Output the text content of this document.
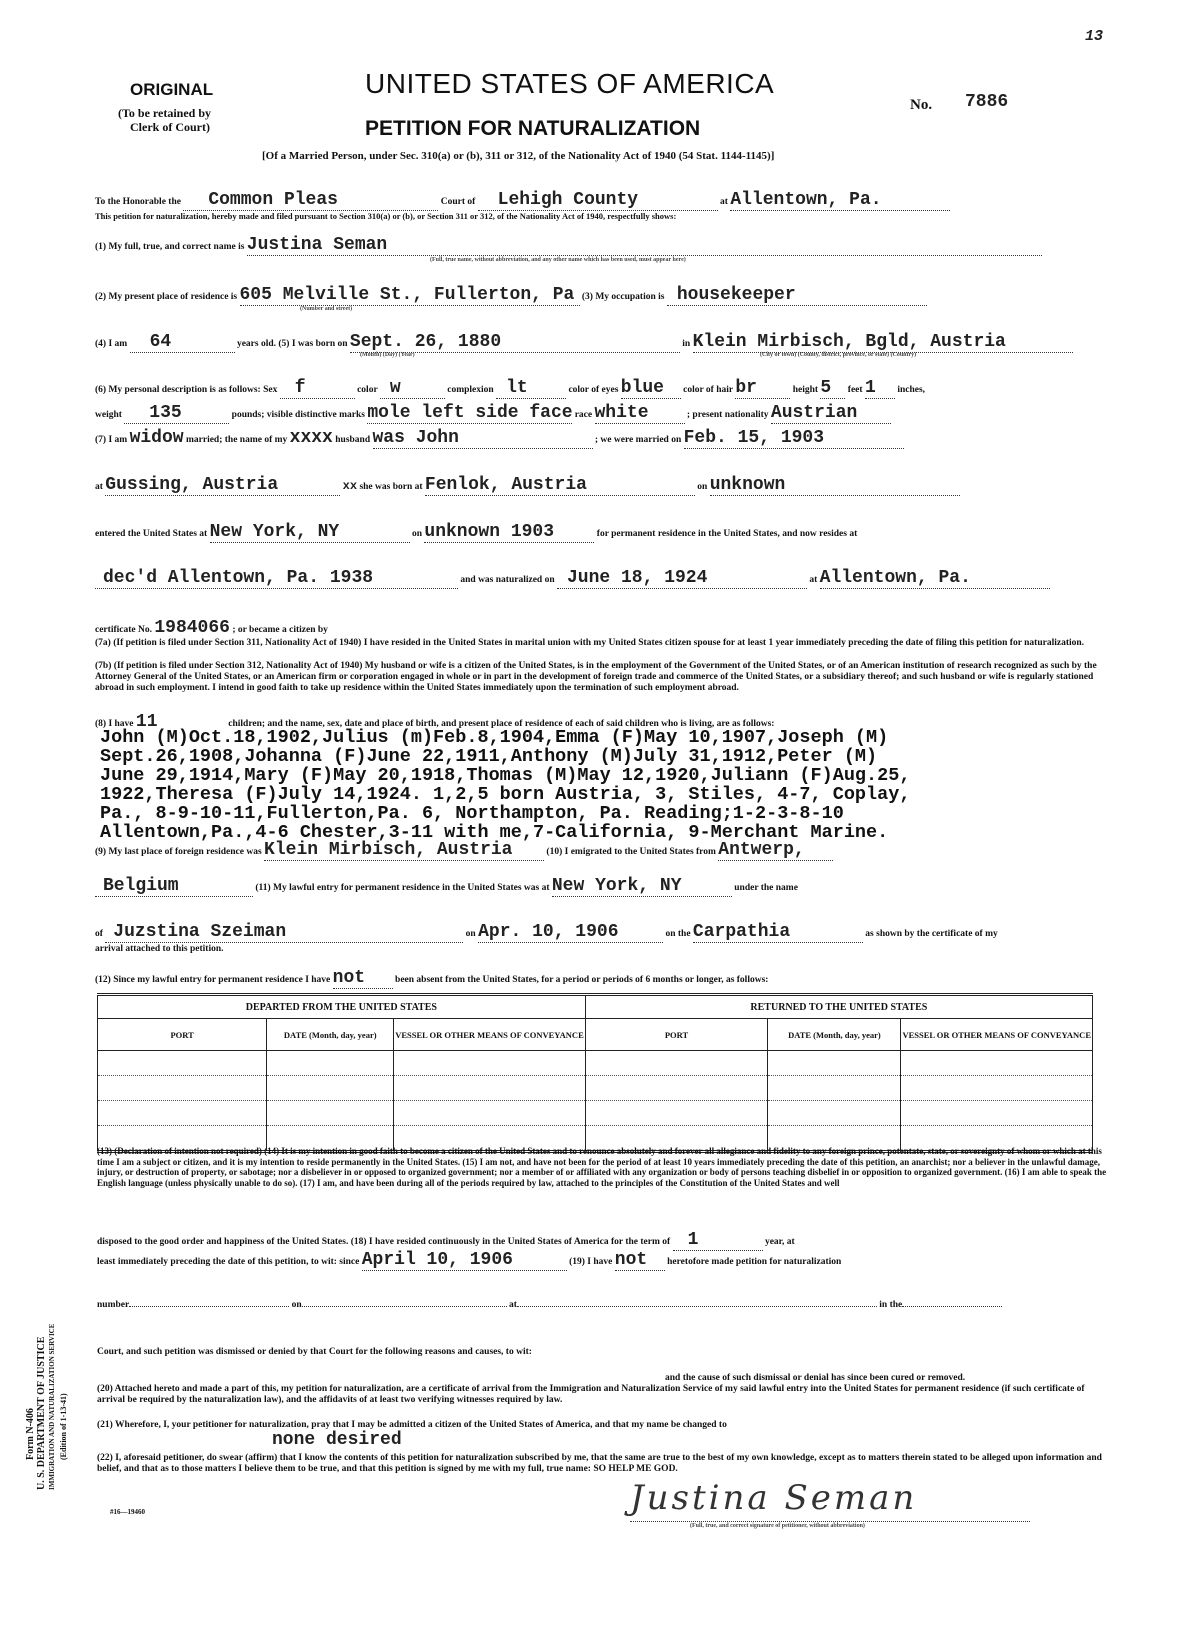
13
ORIGINAL
(To be retained by
Clerk of Court)
UNITED STATES OF AMERICA
No. 7886
PETITION FOR NATURALIZATION
[Of a Married Person, under Sec. 310(a) or (b), 311 or 312, of the Nationality Act of 1940 (54 Stat. 1144-1145)]
To the Honorable the Common Pleas	Court of Lehigh County	at Allentown, Pa.
This petition for naturalization, hereby made and filed pursuant to Section 310(a) or (b), or Section 311 or 312, of the Nationality Act of 1940, respectfully shows:
(1) My full, true, and correct name is Justina Seman
(Full, true name, without abbreviation, and any other name which has been used, must appear here)
(2) My present place of residence is 605 Melville St., Fullerton, Pa (3) My occupation is housekeeper
(Number and street)
(4) I am 64	years old. (5) I was born on Sept. 26, 1880	in Klein Mirbisch, Bgld, Austria
(Month) (Day) (Year)	(City or town) (County, district, province, or state) (Country)
(6) My personal description is as follows: Sex f	color w	complexion lt	color of eyes blue color of hair br	height 5 feet 1 inches,
weight 135	pounds; visible distinctive marks mole left side face race white	; present nationality Austrian
(7) I am widow married; the name of my xxxx husband was John	; we were married on Feb. 15, 1903
at Gussing, Austria	xx she was born at Fenlok, Austria	on unknown
entered the United States at New York, NY	on unknown 1903	for permanent residence in the United States, and now resides at
dec'd Allentown, Pa. 1938	and was naturalized on June 18, 1924	at Allentown, Pa.
certificate No. 1984066 ; or became a citizen by
(7a) (If petition is filed under Section 311, Nationality Act of 1940) I have resided in the United States in marital union with my United States citizen spouse for at least 1 year immediately preceding the date of filing this petition for naturalization.
(7b) (If petition is filed under Section 312, Nationality Act of 1940) My husband or wife is a citizen of the United States, is in the employment of the Government of the United States, or of an American institution of research recognized as such by the Attorney General of the United States, or an American firm or corporation engaged in whole or in part in the development of foreign trade and commerce of the United States, or a subsidiary thereof; and such husband or wife is regularly stationed abroad in such employment. I intend in good faith to take up residence within the United States immediately upon the termination of such employment abroad.
(8) I have 11	children; and the name, sex, date and place of birth, and present place of residence of each of said children who is living, are as follows:
John (M)Oct.18,1902,Julius (m)Feb.8,1904,Emma (F)May 10,1907,Joseph (M)
Sept.26,1908,Johanna (F)June 22,1911,Anthony (M)July 31,1912,Peter (M)
June 29,1914,Mary (F)May 20,1918,Thomas (M)May 12,1920,Juliann (F)Aug.25,
1922,Theresa (F)July 14,1924. 1,2,5 born Austria, 3, Stiles, 4-7, Coplay,
Pa., 8-9-10-11,Fullerton,Pa. 6, Northampton, Pa. Reading;1-2-3-8-10
Allentown,Pa.,4-6 Chester,3-11 with me,7-California, 9-Merchant Marine.
(9) My last place of foreign residence was Klein Mirbisch, Austria	(10) I emigrated to the United States from Antwerp,
Belgium	(11) My lawful entry for permanent residence in the United States was at New York, NY	under the name
of Juzstina Szeiman	on Apr. 10, 1906	on the Carpathia	as shown by the certificate of my
arrival attached to this petition.
(12) Since my lawful entry for permanent residence I have not	been absent from the United States, for a period or periods of 6 months or longer, as follows:
DEPARTED FROM THE UNITED STATES			RETURNED TO THE UNITED STATES		
PORT	DATE (Month, day, year)	VESSEL OR OTHER MEANS OF CONVEYANCE	PORT	DATE (Month, day, year)	VESSEL OR OTHER MEANS OF CONVEYANCE

(13) (Declaration of intention not required) (14) It is my intention in good faith to become a citizen of the United States and to renounce absolutely and forever all allegiance and fidelity to any foreign prince, potentate, state, or sovereignty of whom or which at this time I am a subject or citizen, and it is my intention to reside permanently in the United States. (15) I am not, and have not been for the period of at least 10 years immediately preceding the date of this petition, an anarchist; nor a believer in the unlawful damage, injury, or destruction of property, or sabotage; nor a disbeliever in or opposed to organized government; nor a member of or affiliated with any organization or body of persons teaching disbelief in or opposition to organized government. (16) I am able to speak the English language (unless physically unable to do so). (17) I am, and have been during all of the periods required by law, attached to the principles of the Constitution of the United States and well
disposed to the good order and happiness of the United States. (18) I have resided continuously in the United States of America for the term of 1	year, at
least immediately preceding the date of this petition, to wit: since April 10, 1906	(19) I have not heretofore made petition for naturalization
number	on	at	in the
Court, and such petition was dismissed or denied by that Court for the following reasons and causes, to wit:
and the cause of such dismissal or denial has since been cured or removed.
(20) Attached hereto and made a part of this, my petition for naturalization, are a certificate of arrival from the Immigration and Naturalization Service of my said lawful entry into the United States for permanent residence (if such certificate of arrival be required by the naturalization law), and the affidavits of at least two verifying witnesses required by law.
(21) Wherefore, I, your petitioner for naturalization, pray that I may be admitted a citizen of the United States of America, and that my name be changed to
none desired
(22) I, aforesaid petitioner, do swear (affirm) that I know the contents of this petition for naturalization subscribed by me, that the same are true to the best of my own knowledge, except as to matters therein stated to be alleged upon information and belief, and that as to those matters I believe them to be true, and that this petition is signed by me with my full, true name: SO HELP ME GOD.
Justina Seman
(Full, true, and correct signature of petitioner, without abbreviation)
#16—19460
Form N-406 U. S. DEPARTMENT OF JUSTICE IMMIGRATION AND NATURALIZATION SERVICE (Edition of 1-13-41)
